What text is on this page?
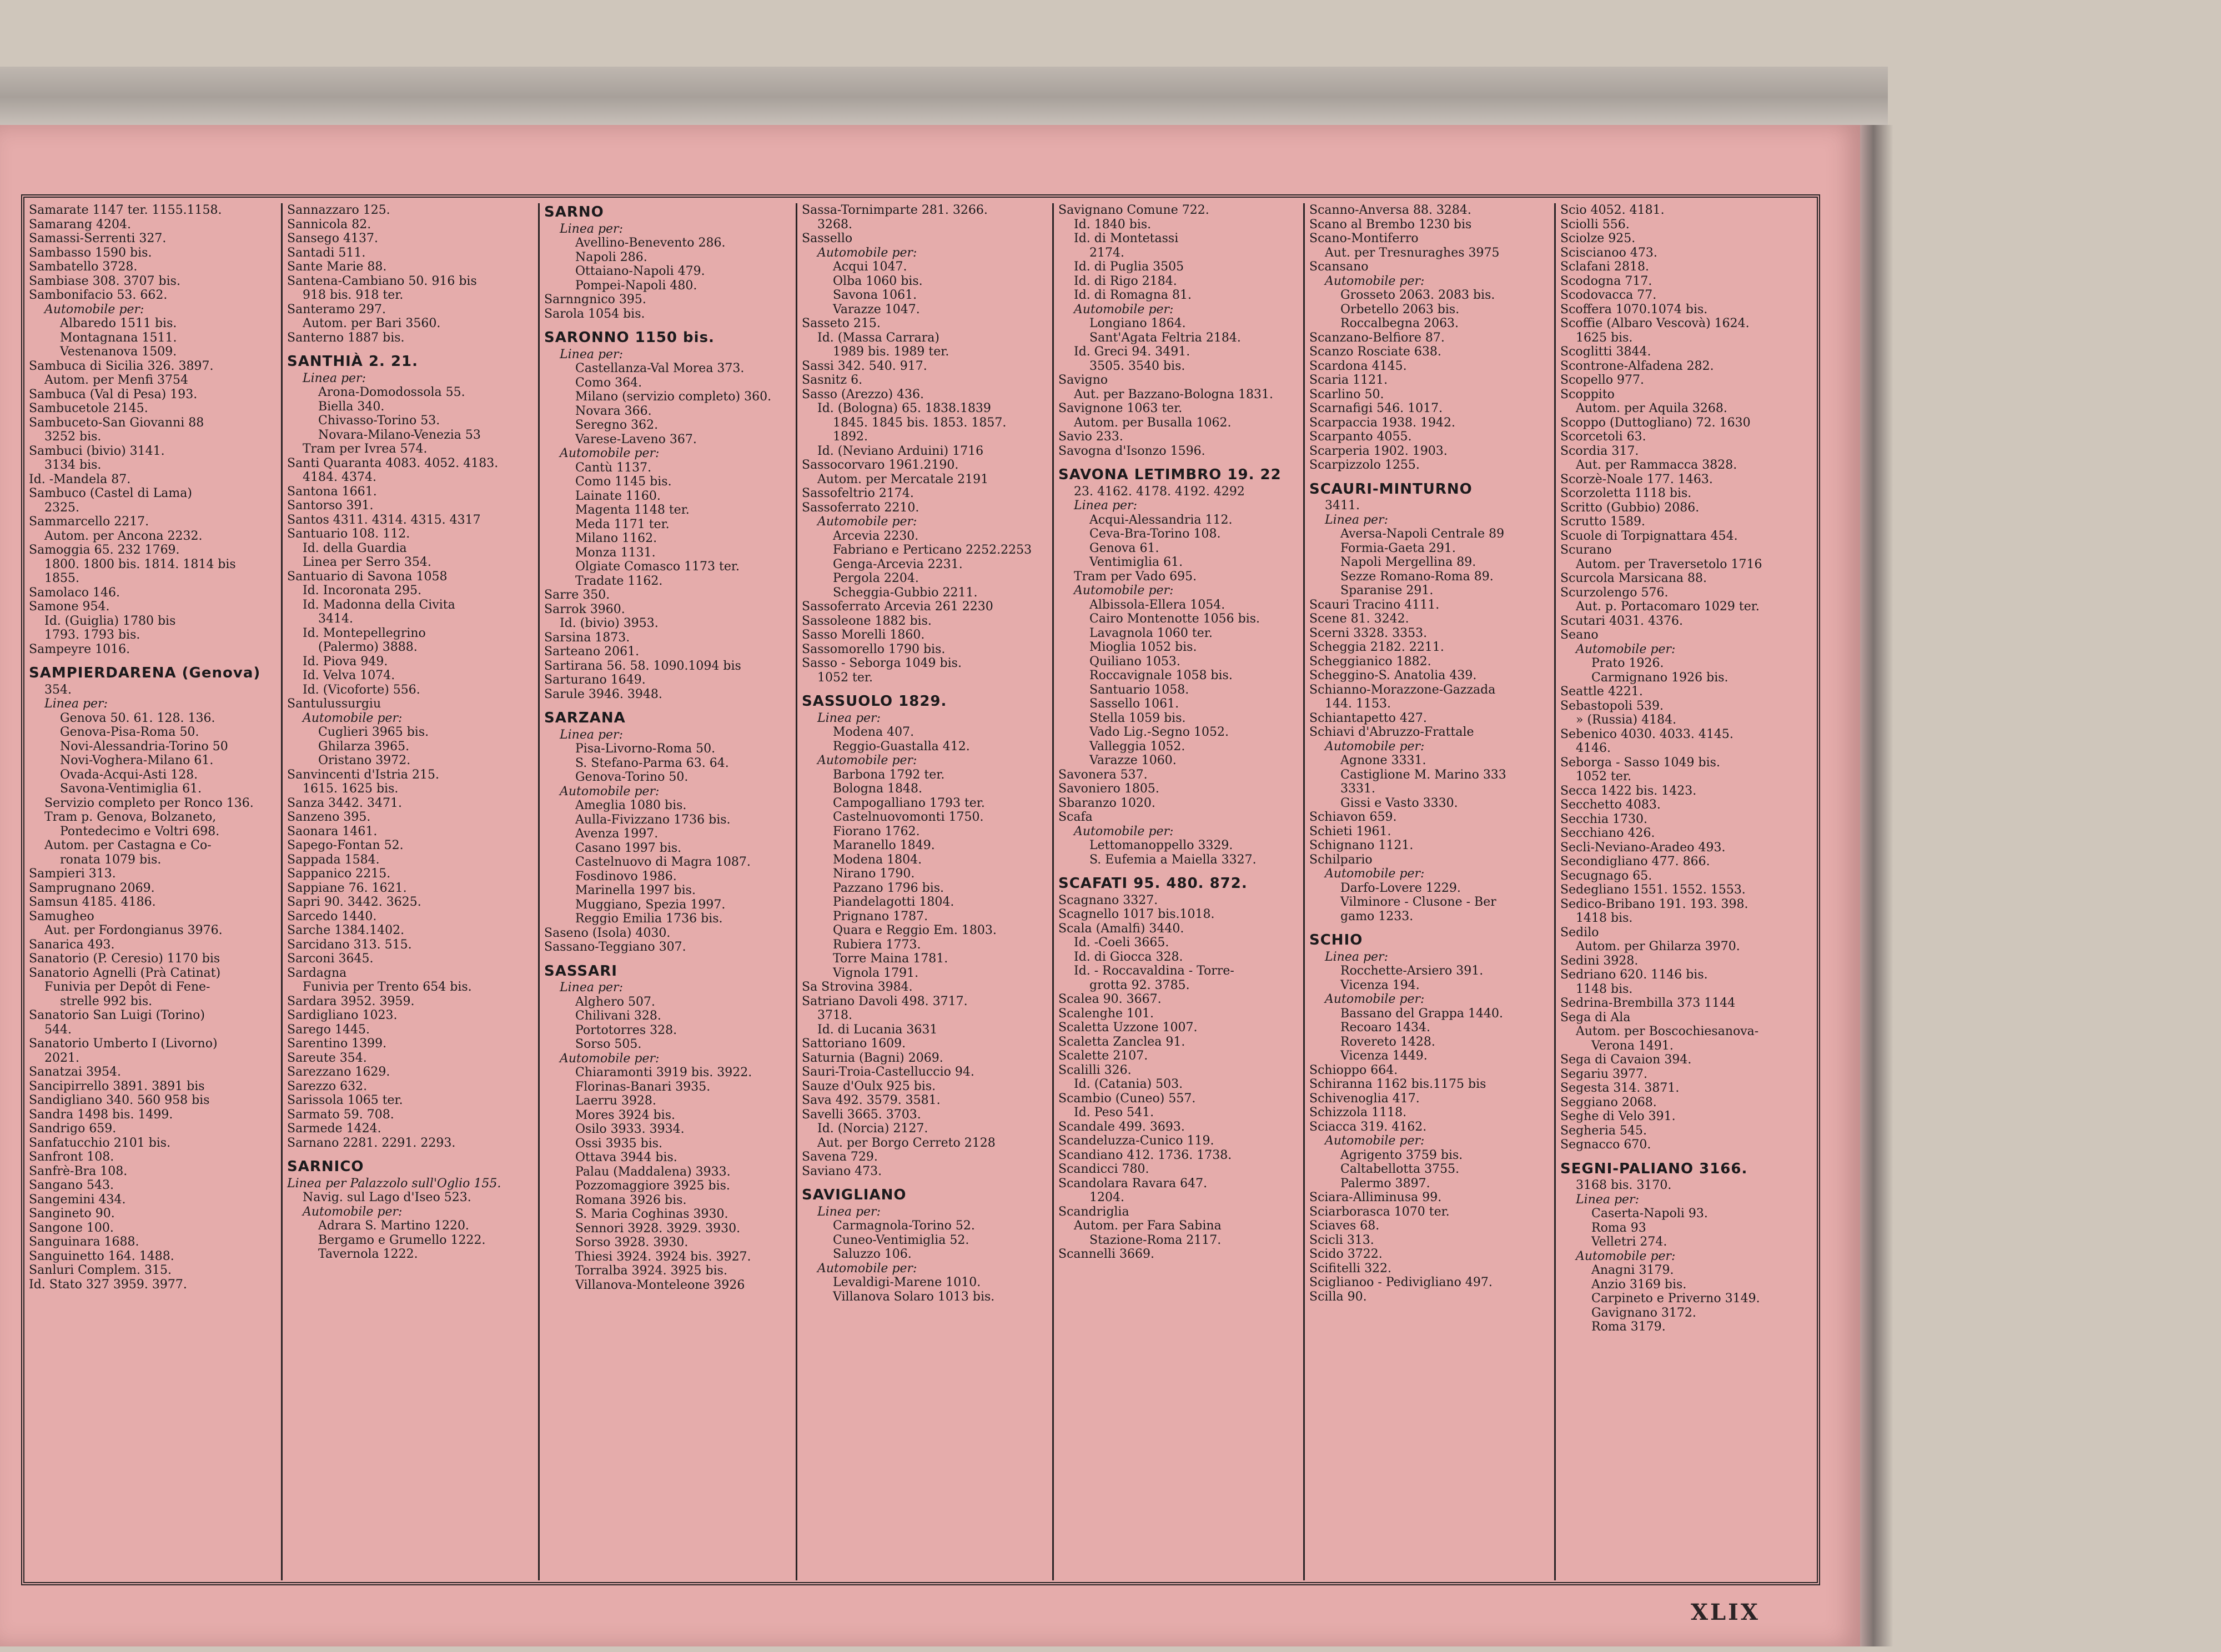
Samarate 1147 ter. 1155.1158.
Samarang 4204.
Samassi-Serrenti 327.
Sambasso 1590 bis.
Sambatello 3728.
Sambiase 308. 3707 bis.
Sambonifacio 53. 662.
Automobile per:
Albaredo 1511 bis.
Montagnana 1511.
Vestenanova 1509.
Sambuca di Sicilia 326. 3897.
Autom. per Menfi 3754
Sambuca (Val di Pesa) 193.
Sambucetole 2145.
Sambuceto-San Giovanni 88
3252 bis.
Sambuci (bivio) 3141.
3134 bis.
Id. -Mandela 87.
Sambuco (Castel di Lama)
2325.
Sammarcello 2217.
Autom. per Ancona 2232.
Samoggia 65. 232 1769.
1800. 1800 bis. 1814. 1814 bis
1855.
Samolaco 146.
Samone 954.
Id. (Guiglia) 1780 bis
1793. 1793 bis.
Sampeyre 1016.
SAMPIERDARENA (Genova)
354.
Linea per:
Genova 50. 61. 128. 136.
Genova-Pisa-Roma 50.
Novi-Alessandria-Torino 50
Novi-Voghera-Milano 61.
Ovada-Acqui-Asti 128.
Savona-Ventimiglia 61.
Servizio completo per Ronco 136.
Tram p. Genova, Bolzaneto,
Pontedecimo e Voltri 698.
Autom. per Castagna e Co-
ronata 1079 bis.
Sampieri 313.
Samprugnano 2069.
Samsun 4185. 4186.
Samugheo
Aut. per Fordongianus 3976.
Sanarica 493.
Sanatorio (P. Ceresio) 1170 bis
Sanatorio Agnelli (Prà Catinat)
Funivia per Depôt di Fene-
strelle 992 bis.
Sanatorio San Luigi (Torino)
544.
Sanatorio Umberto I (Livorno)
2021.
Sanatzai 3954.
Sancipirrello 3891. 3891 bis
Sandigliano 340. 560 958 bis
Sandra 1498 bis. 1499.
Sandrigo 659.
Sanfatucchio 2101 bis.
Sanfront 108.
Sanfrè-Bra 108.
Sangano 543.
Sangemini 434.
Sangineto 90.
Sangone 100.
Sanguinara 1688.
Sanguinetto 164. 1488.
Sanluri Complem. 315.
Id. Stato 327 3959. 3977.
Sannazzaro 125.
Sannicola 82.
Sansego 4137.
Santadi 511.
Sante Marie 88.
Santena-Cambiano 50. 916 bis
918 bis. 918 ter.
Santeramo 297.
Autom. per Bari 3560.
Santerno 1887 bis.
SANTHIÀ 2. 21.
Linea per:
Arona-Domodossola 55.
Biella 340.
Chivasso-Torino 53.
Novara-Milano-Venezia 53
Tram per Ivrea 574.
Santi Quaranta 4083. 4052. 4183.
4184. 4374.
Santona 1661.
Santorso 391.
Santos 4311. 4314. 4315. 4317
Santuario 108. 112.
Id. della Guardia
Linea per Serro 354.
Santuario di Savona 1058
Id. Incoronata 295.
Id. Madonna della Civita
3414.
Id. Montepellegrino
(Palermo) 3888.
Id. Piova 949.
Id. Velva 1074.
Id. (Vicoforte) 556.
Santulussurgiu
Automobile per:
Cuglieri 3965 bis.
Ghilarza 3965.
Oristano 3972.
Sanvincenti d'Istria 215.
1615. 1625 bis.
Sanza 3442. 3471.
Sanzeno 395.
Saonara 1461.
Sapego-Fontan 52.
Sappada 1584.
Sappanico 2215.
Sappiane 76. 1621.
Sapri 90. 3442. 3625.
Sarcedo 1440.
Sarche 1384.1402.
Sarcidano 313. 515.
Sarconi 3645.
Sardagna
Funivia per Trento 654 bis.
Sardara 3952. 3959.
Sardigliano 1023.
Sarego 1445.
Sarentino 1399.
Sareute 354.
Sarezzano 1629.
Sarezzo 632.
Sarissola 1065 ter.
Sarmato 59. 708.
Sarmede 1424.
Sarnano 2281. 2291. 2293.
SARNICO
Linea per Palazzolo sull'Oglio 155.
Navig. sul Lago d'Iseo 523.
Automobile per:
Adrara S. Martino 1220.
Bergamo e Grumello 1222.
Tavernola 1222.
SARNO
Linea per:
Avellino-Benevento 286.
Napoli 286.
Ottaiano-Napoli 479.
Pompei-Napoli 480.
Sarnngnico 395.
Sarola 1054 bis.
SARONNO 1150 bis.
Linea per:
Castellanza-Val Morea 373.
Como 364.
Milano (servizio completo) 360.
Novara 366.
Seregno 362.
Varese-Laveno 367.
Automobile per:
Cantù 1137.
Como 1145 bis.
Lainate 1160.
Magenta 1148 ter.
Meda 1171 ter.
Milano 1162.
Monza 1131.
Olgiate Comasco 1173 ter.
Tradate 1162.
Sarre 350.
Sarrok 3960.
Id. (bivio) 3953.
Sarsina 1873.
Sarteano 2061.
Sartirana 56. 58. 1090.1094 bis
Sarturano 1649.
Sarule 3946. 3948.
SARZANA
Linea per:
Pisa-Livorno-Roma 50.
S. Stefano-Parma 63. 64.
Genova-Torino 50.
Automobile per:
Ameglia 1080 bis.
Aulla-Fivizzano 1736 bis.
Avenza 1997.
Casano 1997 bis.
Castelnuovo di Magra 1087.
Fosdinovo 1986.
Marinella 1997 bis.
Muggiano, Spezia 1997.
Reggio Emilia 1736 bis.
Saseno (Isola) 4030.
Sassano-Teggiano 307.
SASSARI
Linea per:
Alghero 507.
Chilivani 328.
Portotorres 328.
Sorso 505.
Automobile per:
Chiaramonti 3919 bis. 3922.
Florinas-Banari 3935.
Laerru 3928.
Mores 3924 bis.
Osilo 3933. 3934.
Ossi 3935 bis.
Ottava 3944 bis.
Palau (Maddalena) 3933.
Pozzomaggiore 3925 bis.
Romana 3926 bis.
S. Maria Coghinas 3930.
Sennori 3928. 3929. 3930.
Sorso 3928. 3930.
Thiesi 3924. 3924 bis. 3927.
Torralba 3924. 3925 bis.
Villanova-Monteleone 3926
Sassa-Tornimparte 281. 3266.
3268.
Sassello
Automobile per:
Acqui 1047.
Olba 1060 bis.
Savona 1061.
Varazze 1047.
Sasseto 215.
Id. (Massa Carrara)
1989 bis. 1989 ter.
Sassi 342. 540. 917.
Sasnitz 6.
Sasso (Arezzo) 436.
Id. (Bologna) 65. 1838.1839
1845. 1845 bis. 1853. 1857.
1892.
Id. (Neviano Arduini) 1716
Sassocorvaro 1961.2190.
Autom. per Mercatale 2191
Sassofeltrio 2174.
Sassoferrato 2210.
Automobile per:
Arcevia 2230.
Fabriano e Perticano 2252.2253
Genga-Arcevia 2231.
Pergola 2204.
Scheggia-Gubbio 2211.
Sassoferrato Arcevia 261 2230
Sassoleone 1882 bis.
Sasso Morelli 1860.
Sassomorello 1790 bis.
Sasso - Seborga 1049 bis.
1052 ter.
SASSUOLO 1829.
Linea per:
Modena 407.
Reggio-Guastalla 412.
Automobile per:
Barbona 1792 ter.
Bologna 1848.
Campogalliano 1793 ter.
Castelnuovomonti 1750.
Fiorano 1762.
Maranello 1849.
Modena 1804.
Nirano 1790.
Pazzano 1796 bis.
Piandelagotti 1804.
Prignano 1787.
Quara e Reggio Em. 1803.
Rubiera 1773.
Torre Maina 1781.
Vignola 1791.
Sa Strovina 3984.
Satriano Davoli 498. 3717.
3718.
Id. di Lucania 3631
Sattoriano 1609.
Saturnia (Bagni) 2069.
Sauri-Troia-Castelluccio 94.
Sauze d'Oulx 925 bis.
Sava 492. 3579. 3581.
Savelli 3665. 3703.
Id. (Norcia) 2127.
Aut. per Borgo Cerreto 2128
Savena 729.
Saviano 473.
SAVIGLIANO
Linea per:
Carmagnola-Torino 52.
Cuneo-Ventimiglia 52.
Saluzzo 106.
Automobile per:
Levaldigi-Marene 1010.
Villanova Solaro 1013 bis.
Savignano Comune 722.
Id. 1840 bis.
Id. di Montetassi
2174.
Id. di Puglia 3505
Id. di Rigo 2184.
Id. di Romagna 81.
Automobile per:
Longiano 1864.
Sant'Agata Feltria 2184.
Id. Greci 94. 3491.
3505. 3540 bis.
Savigno
Aut. per Bazzano-Bologna 1831.
Savignone 1063 ter.
Autom. per Busalla 1062.
Savio 233.
Savogna d'Isonzo 1596.
SAVONA LETIMBRO 19. 22
23. 4162. 4178. 4192. 4292
Linea per:
Acqui-Alessandria 112.
Ceva-Bra-Torino 108.
Genova 61.
Ventimiglia 61.
Tram per Vado 695.
Automobile per:
Albissola-Ellera 1054.
Cairo Montenotte 1056 bis.
Lavagnola 1060 ter.
Mioglia 1052 bis.
Quiliano 1053.
Roccavignale 1058 bis.
Santuario 1058.
Sassello 1061.
Stella 1059 bis.
Vado Lig.-Segno 1052.
Valleggia 1052.
Varazze 1060.
Savonera 537.
Savoniero 1805.
Sbaranzo 1020.
Scafa
Automobile per:
Lettomanoppello 3329.
S. Eufemia a Maiella 3327.
SCAFATI 95. 480. 872.
Scagnano 3327.
Scagnello 1017 bis.1018.
Scala (Amalfi) 3440.
Id. -Coeli 3665.
Id. di Giocca 328.
Id. - Roccavaldina - Torre-
grotta 92. 3785.
Scalea 90. 3667.
Scalenghe 101.
Scaletta Uzzone 1007.
Scaletta Zanclea 91.
Scalette 2107.
Scalilli 326.
Id. (Catania) 503.
Scambio (Cuneo) 557.
Id. Peso 541.
Scandale 499. 3693.
Scandeluzza-Cunico 119.
Scandiano 412. 1736. 1738.
Scandicci 780.
Scandolara Ravara 647.
1204.
Scandriglia
Autom. per Fara Sabina
Stazione-Roma 2117.
Scannelli 3669.
Scanno-Anversa 88. 3284.
Scano al Brembo 1230 bis
Scano-Montiferro
Aut. per Tresnuraghes 3975
Scansano
Automobile per:
Grosseto 2063. 2083 bis.
Orbetello 2063 bis.
Roccalbegna 2063.
Scanzano-Belfiore 87.
Scanzo Rosciate 638.
Scardona 4145.
Scaria 1121.
Scarlino 50.
Scarnafigi 546. 1017.
Scarpaccia 1938. 1942.
Scarpanto 4055.
Scarperia 1902. 1903.
Scarpizzolo 1255.
SCAURI-MINTURNO
3411.
Linea per:
Aversa-Napoli Centrale 89
Formia-Gaeta 291.
Napoli Mergellina 89.
Sezze Romano-Roma 89.
Sparanise 291.
Scauri Tracino 4111.
Scene 81. 3242.
Scerni 3328. 3353.
Scheggia 2182. 2211.
Scheggianico 1882.
Scheggino-S. Anatolia 439.
Schianno-Morazzone-Gazzada
144. 1153.
Schiantapetto 427.
Schiavi d'Abruzzo-Frattale
Automobile per:
Agnone 3331.
Castiglione M. Marino 333
3331.
Gissi e Vasto 3330.
Schiavon 659.
Schieti 1961.
Schignano 1121.
Schilpario
Automobile per:
Darfo-Lovere 1229.
Vilminore - Clusone - Ber
gamo 1233.
SCHIO
Linea per:
Rocchette-Arsiero 391.
Vicenza 194.
Automobile per:
Bassano del Grappa 1440.
Recoaro 1434.
Rovereto 1428.
Vicenza 1449.
Schioppo 664.
Schiranna 1162 bis.1175 bis
Schivenoglia 417.
Schizzola 1118.
Sciacca 319. 4162.
Automobile per:
Agrigento 3759 bis.
Caltabellotta 3755.
Palermo 3897.
Sciara-Alliminusa 99.
Sciarborasca 1070 ter.
Sciaves 68.
Scicli 313.
Scido 3722.
Scifitelli 322.
Sciglianoo - Pedivigliano 497.
Scilla 90.
Scio 4052. 4181.
Sciolli 556.
Sciolze 925.
Sciscianoo 473.
Sclafani 2818.
Scodogna 717.
Scodovacca 77.
Scoffera 1070.1074 bis.
Scoffie (Albaro Vescovà) 1624.
1625 bis.
Scoglitti 3844.
Scontrone-Alfadena 282.
Scopello 977.
Scoppito
Autom. per Aquila 3268.
Scoppo (Duttogliano) 72. 1630
Scorcetoli 63.
Scordia 317.
Aut. per Rammacca 3828.
Scorzè-Noale 177. 1463.
Scorzoletta 1118 bis.
Scritto (Gubbio) 2086.
Scrutto 1589.
Scuole di Torpignattara 454.
Scurano
Autom. per Traversetolo 1716
Scurcola Marsicana 88.
Scurzolengo 576.
Aut. p. Portacomaro 1029 ter.
Scutari 4031. 4376.
Seano
Automobile per:
Prato 1926.
Carmignano 1926 bis.
Seattle 4221.
Sebastopoli 539.
» (Russia) 4184.
Sebenico 4030. 4033. 4145.
4146.
Seborga - Sasso 1049 bis.
1052 ter.
Secca 1422 bis. 1423.
Secchetto 4083.
Secchia 1730.
Secchiano 426.
Secli-Neviano-Aradeo 493.
Secondigliano 477. 866.
Secugnago 65.
Sedegliano 1551. 1552. 1553.
Sedico-Bribano 191. 193. 398.
1418 bis.
Sedilo
Autom. per Ghilarza 3970.
Sedini 3928.
Sedriano 620. 1146 bis.
1148 bis.
Sedrina-Brembilla 373 1144
Sega di Ala
Autom. per Boscochiesanova-
Verona 1491.
Sega di Cavaion 394.
Segariu 3977.
Segesta 314. 3871.
Seggiano 2068.
Seghe di Velo 391.
Segheria 545.
Segnacco 670.
SEGNI-PALIANO 3166.
3168 bis. 3170.
Linea per:
Caserta-Napoli 93.
Roma 93
Velletri 274.
Automobile per:
Anagni 3179.
Anzio 3169 bis.
Carpineto e Priverno 3149.
Gavignano 3172.
Roma 3179.
XLIX
